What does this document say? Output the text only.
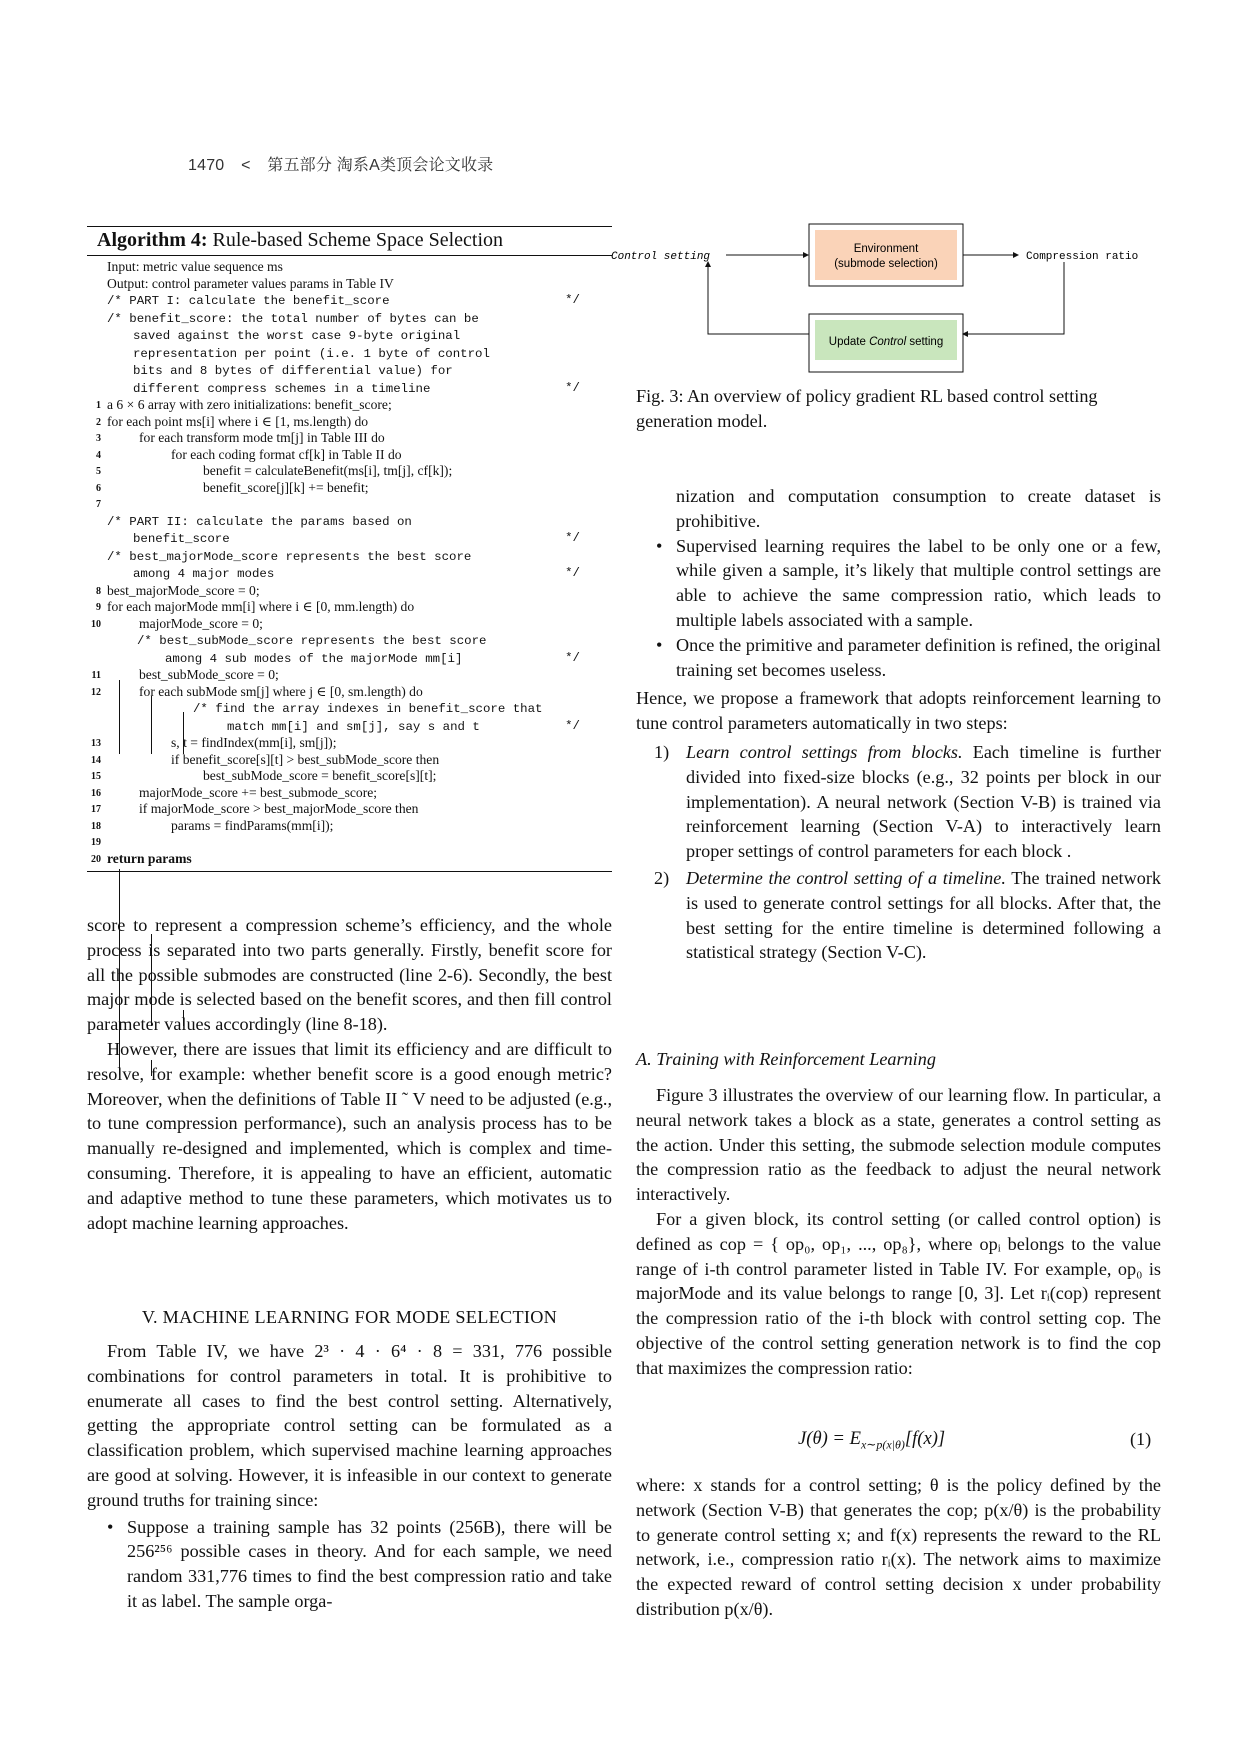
1470 < 第五部分 淘系A类顶会论文收录
Algorithm 4: Rule-based Scheme Space Selection
Input: metric value sequence ms
Output: control parameter values params in Table IV
/* PART I: calculate the benefit_score	*/
/* benefit_score: the total number of bytes can be
saved against the worst case 9-byte original
representation per point (i.e. 1 byte of control
bits and 8 bytes of differential value) for
different compress schemes in a timeline	*/
1 a 6 × 6 array with zero initializations: benefit_score;
2 for each point ms[i] where i ∈ [1, ms.length) do
3	for each transform mode tm[j] in Table III do
4	for each coding format cf[k] in Table II do
5	benefit = calculateBenefit(ms[i], tm[j], cf[k]);
6	benefit_score[j][k] += benefit;
7

/* PART II: calculate the params based on
benefit_score	*/
/* best_majorMode_score represents the best score
among 4 major modes	*/
8 best_majorMode_score = 0;
9 for each majorMode mm[i] where i ∈ [0, mm.length) do
10	majorMode_score = 0;
/* best_subMode_score represents the best score
among 4 sub modes of the majorMode mm[i]	*/
11	best_subMode_score = 0;
12	for each subMode sm[j] where j ∈ [0, sm.length) do
/* find the array indexes in benefit_score that
match mm[i] and sm[j], say s and t	*/
13	s, t = findIndex(mm[i], sm[j]);
14	if benefit_score[s][t] > best_subMode_score then
15	best_subMode_score = benefit_score[s][t];
16	majorMode_score += best_submode_score;
17	if majorMode_score > best_majorMode_score then
18	params = findParams(mm[i]);
19

20 return params

score to represent a compression scheme’s efficiency, and the whole process is separated into two parts generally. Firstly, benefit score for all the possible submodes are constructed (line 2-6). Secondly, the best major mode is selected based on the benefit scores, and then fill control parameter values accordingly (line 8-18).

However, there are issues that limit its efficiency and are difficult to resolve, for example: whether benefit score is a good enough metric? Moreover, when the definitions of Table II ˜ V need to be adjusted (e.g., to tune compression performance), such an analysis process has to be manually re-designed and implemented, which is complex and time-consuming. Therefore, it is appealing to have an efficient, automatic and adaptive method to tune these parameters, which motivates us to adopt machine learning approaches.

V. MACHINE LEARNING FOR MODE SELECTION

From Table IV, we have 2³ · 4 · 6⁴ · 8 = 331, 776 possible combinations for control parameters in total. It is prohibitive to enumerate all cases to find the best control setting. Alternatively, getting the appropriate control setting can be formulated as a classification problem, which supervised machine learning approaches are good at solving. However, it is infeasible in our context to generate ground truths for training since:

• Suppose a training sample has 32 points (256B), there will be 256²⁵⁶ possible cases in theory. And for each sample, we need random 331,776 times to find the best compression ratio and take it as label. The sample orga-
Environment
(submode selection)
Update Control setting
Control setting	Compression ratio
Fig. 3: An overview of policy gradient RL based control setting generation model.
nization and computation consumption to create dataset is prohibitive.
• Supervised learning requires the label to be only one or a few, while given a sample, it’s likely that multiple control settings are able to achieve the same compression ratio, which leads to multiple labels associated with a sample.
• Once the primitive and parameter definition is refined, the original training set becomes useless.

Hence, we propose a framework that adopts reinforcement learning to tune control parameters automatically in two steps:

1) Learn control settings from blocks. Each timeline is further divided into fixed-size blocks (e.g., 32 points per block in our implementation). A neural network (Section V-B) is trained via reinforcement learning (Section V-A) to interactively learn proper settings of control parameters for each block .
2) Determine the control setting of a timeline. The trained network is used to generate control settings for all blocks. After that, the best setting for the entire timeline is determined following a statistical strategy (Section V-C).
A. Training with Reinforcement Learning

Figure 3 illustrates the overview of our learning flow. In particular, a neural network takes a block as a state, generates a control setting as the action. Under this setting, the submode selection module computes the compression ratio as the feedback to adjust the neural network interactively.

For a given block, its control setting (or called control option) is defined as cop = { op₀, op₁, ..., op₈}, where opᵢ belongs to the value range of i-th control parameter listed in Table IV. For example, op₀ is majorMode and its value belongs to range [0, 3]. Let rᵢ(cop) represent the compression ratio of the i-th block with control setting cop. The objective of the control setting generation network is to find the cop that maximizes the compression ratio:

$J(\theta) = E_{x\sim p(x|\theta)}[f(x)]$	(1)

where: x stands for a control setting; θ is the policy defined by the network (Section V-B) that generates the cop; p(x/θ) is the probability to generate control setting x; and f(x) represents the reward to the RL network, i.e., compression ratio rᵢ(x). The network aims to maximize the expected reward of control setting decision x under probability distribution p(x/θ).
